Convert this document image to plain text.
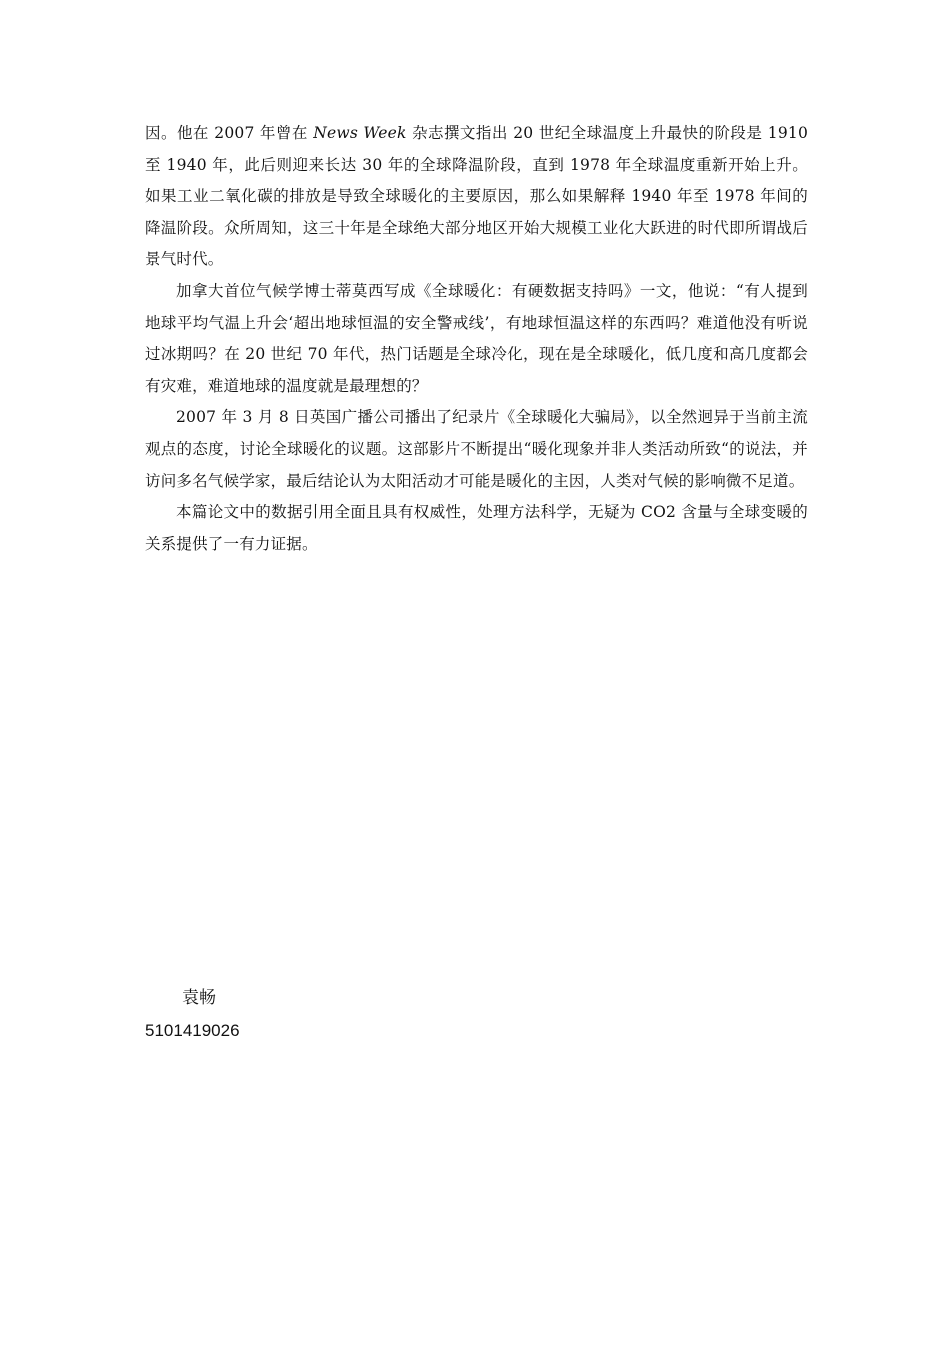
因。他在 2007 年曾在 News Week 杂志撰文指出 20 世纪全球温度上升最快的阶段是 1910 至 1940 年，此后则迎来长达 30 年的全球降温阶段，直到 1978 年全球温度重新开始上升。如果工业二氧化碳的排放是导致全球暖化的主要原因，那么如果解释 1940 年至 1978 年间的降温阶段。众所周知，这三十年是全球绝大部分地区开始大规模工业化大跃进的时代即所谓战后景气时代。

加拿大首位气候学博士蒂莫西写成《全球暖化：有硬数据支持吗》一文，他说：“有人提到地球平均气温上升会‘超出地球恒温的安全警戒线’，有地球恒温这样的东西吗？难道他没有听说过冰期吗？在 20 世纪 70 年代，热门话题是全球冷化，现在是全球暖化，低几度和高几度都会有灾难，难道地球的温度就是最理想的？

2007 年 3 月 8 日英国广播公司播出了纪录片《全球暖化大骗局》，以全然迥异于当前主流观点的态度，讨论全球暖化的议题。这部影片不断提出“暖化现象并非人类活动所致“的说法，并访问多名气候学家，最后结论认为太阳活动才可能是暖化的主因，人类对气候的影响微不足道。

本篇论文中的数据引用全面且具有权威性，处理方法科学，无疑为 CO2 含量与全球变暖的关系提供了一有力证据。

袁畅
5101419026
